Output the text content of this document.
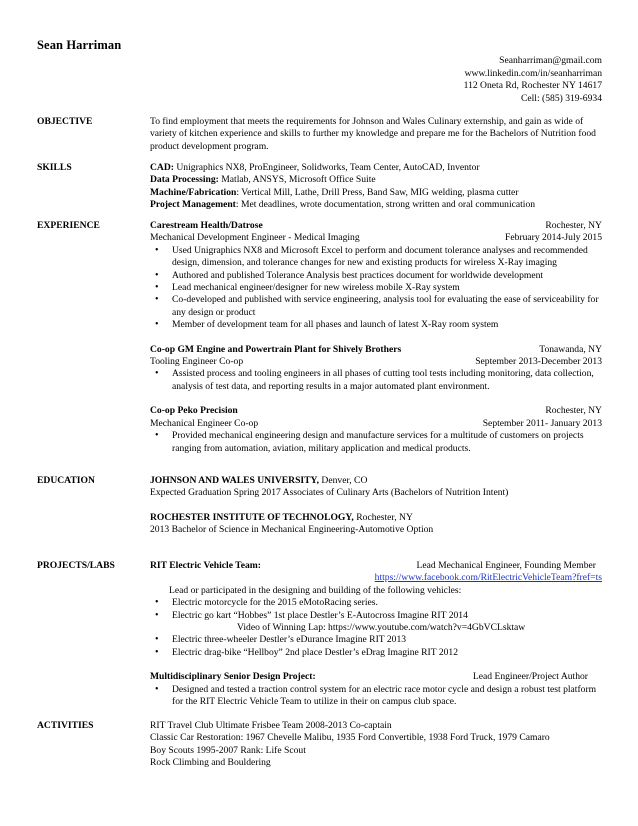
Sean Harriman
Seanharriman@gmail.com
www.linkedin.com/in/seanharriman
112 Oneta Rd, Rochester NY 14617
Cell: (585) 319-6934
OBJECTIVE	To find employment that meets the requirements for Johnson and Wales Culinary externship, and gain as wide of variety of kitchen experience and skills to further my knowledge and prepare me for the Bachelors of Nutrition food product development program.
SKILLS	CAD: Unigraphics NX8, ProEngineer, Solidworks, Team Center, AutoCAD, Inventor
Data Processing: Matlab, ANSYS, Microsoft Office Suite
Machine/Fabrication: Vertical Mill, Lathe, Drill Press, Band Saw, MIG welding, plasma cutter
Project Management: Met deadlines, wrote documentation, strong written and oral communication
EXPERIENCE	Carestream Health/Datrose	Rochester, NY
Mechanical Development Engineer - Medical Imaging	February 2014-July 2015
• Used Unigraphics NX8 and Microsoft Excel to perform and document tolerance analyses and recommended design, dimension, and tolerance changes for new and existing products for wireless X-Ray imaging
• Authored and published Tolerance Analysis best practices document for worldwide development
• Lead mechanical engineer/designer for new wireless mobile X-Ray system
• Co-developed and published with service engineering, analysis tool for evaluating the ease of serviceability for any design or product
• Member of development team for all phases and launch of latest X-Ray room system
Co-op GM Engine and Powertrain Plant for Shively Brothers	Tonawanda, NY
Tooling Engineer Co-op	September 2013-December 2013
• Assisted process and tooling engineers in all phases of cutting tool tests including monitoring, data collection, analysis of test data, and reporting results in a major automated plant environment.
Co-op Peko Precision	Rochester, NY
Mechanical Engineer Co-op	September 2011- January 2013
• Provided mechanical engineering design and manufacture services for a multitude of customers on projects ranging from automation, aviation, military application and medical products.
EDUCATION	JOHNSON AND WALES UNIVERSITY, Denver, CO
Expected Graduation Spring 2017 Associates of Culinary Arts (Bachelors of Nutrition Intent)
ROCHESTER INSTITUTE OF TECHNOLOGY, Rochester, NY
2013 Bachelor of Science in Mechanical Engineering-Automotive Option
PROJECTS/LABS	RIT Electric Vehicle Team:	Lead Mechanical Engineer, Founding Member
https://www.facebook.com/RitElectricVehicleTeam?fref=ts
Lead or participated in the designing and building of the following vehicles:
• Electric motorcycle for the 2015 eMotoRacing series.
• Electric go kart “Hobbes” 1st place Destler’s E-Autocross Imagine RIT 2014
Video of Winning Lap: https://www.youtube.com/watch?v=4GbVCLsktaw
• Electric three-wheeler Destler’s eDurance Imagine RIT 2013
• Electric drag-bike “Hellboy” 2nd place Destler’s eDrag Imagine RIT 2012
Multidisciplinary Senior Design Project:	Lead Engineer/Project Author
• Designed and tested a traction control system for an electric race motor cycle and design a robust test platform for the RIT Electric Vehicle Team to utilize in their on campus club space.
ACTIVITIES	RIT Travel Club Ultimate Frisbee Team 2008-2013 Co-captain
Classic Car Restoration: 1967 Chevelle Malibu, 1935 Ford Convertible, 1938 Ford Truck, 1979 Camaro
Boy Scouts 1995-2007 Rank: Life Scout
Rock Climbing and Bouldering
